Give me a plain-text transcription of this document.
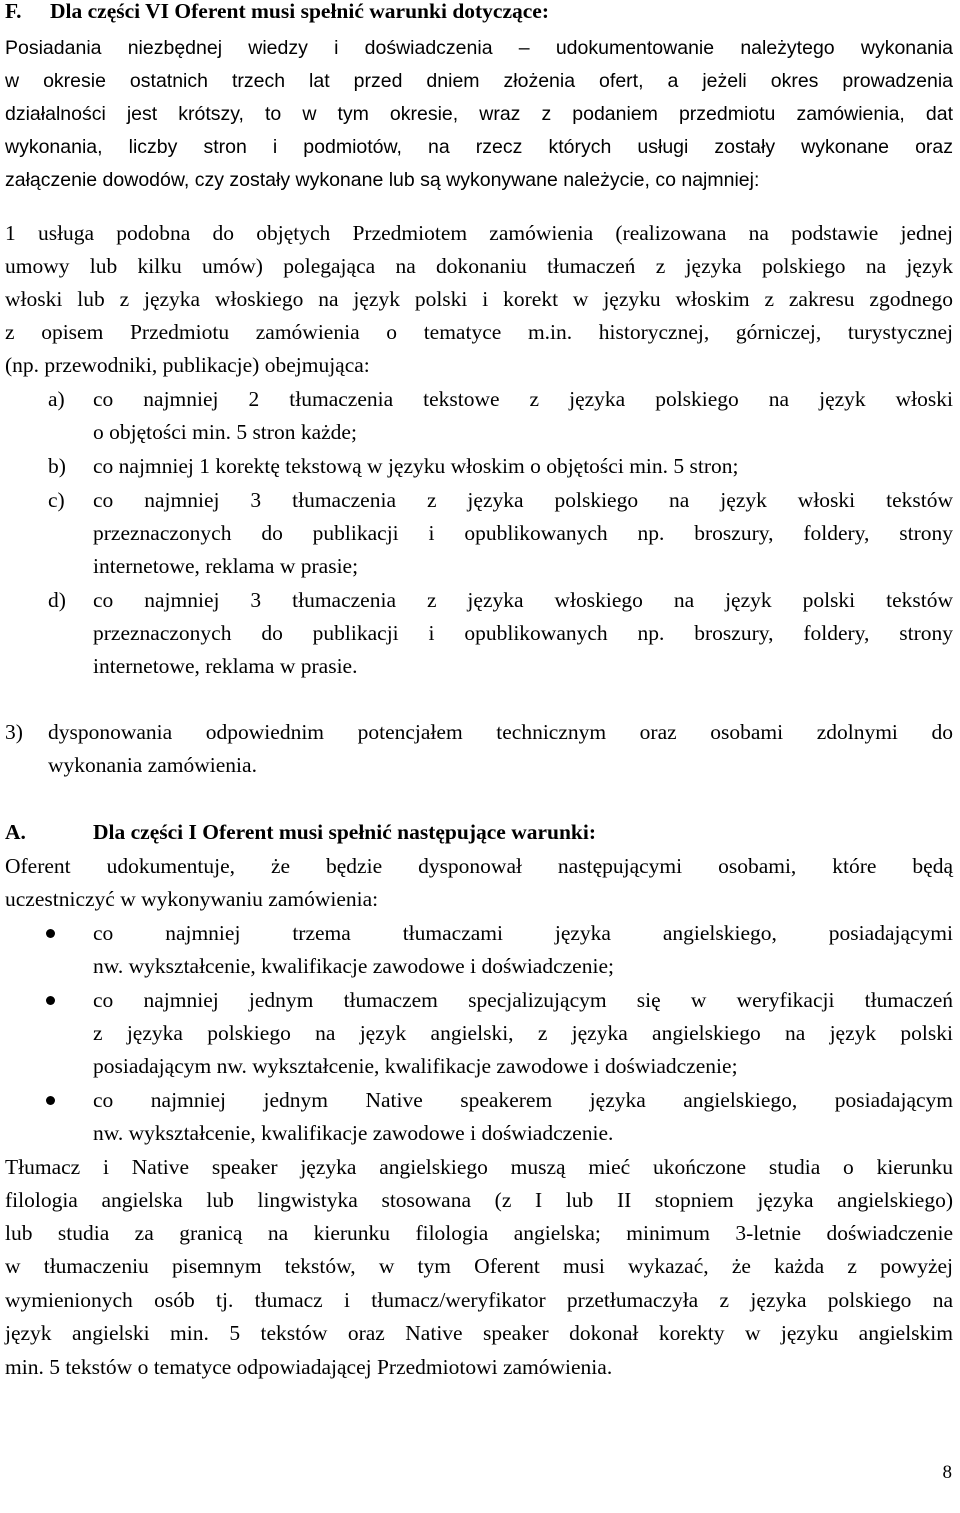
F. Dla części VI Oferent musi spełnić warunki dotyczące:
Posiadania niezbędnej wiedzy i doświadczenia – udokumentowanie należytego wykonania
w okresie ostatnich trzech lat przed dniem złożenia ofert, a jeżeli okres prowadzenia
działalności jest krótszy, to w tym okresie, wraz z podaniem przedmiotu zamówienia, dat
wykonania, liczby stron i podmiotów, na rzecz których usługi zostały wykonane oraz
załączenie dowodów, czy zostały wykonane lub są wykonywane należycie, co najmniej:
1 usługa podobna do objętych Przedmiotem zamówienia (realizowana na podstawie jednej
umowy lub kilku umów) polegająca na dokonaniu tłumaczeń z języka polskiego na język
włoski lub z języka włoskiego na język polski i korekt w języku włoskim z zakresu zgodnego
z opisem Przedmiotu zamówienia o tematyce m.in. historycznej, górniczej, turystycznej
(np. przewodniki, publikacje) obejmująca:
a) co najmniej 2 tłumaczenia tekstowe z języka polskiego na język włoski
o objętości min. 5 stron każde;
b) co najmniej 1 korektę tekstową w języku włoskim o objętości min. 5 stron;
c) co najmniej 3 tłumaczenia z języka polskiego na język włoski tekstów
przeznaczonych do publikacji i opublikowanych np. broszury, foldery, strony
internetowe, reklama w prasie;
d) co najmniej 3 tłumaczenia z języka włoskiego na język polski tekstów
przeznaczonych do publikacji i opublikowanych np. broszury, foldery, strony
internetowe, reklama w prasie.
3) dysponowania odpowiednim potencjałem technicznym oraz osobami zdolnymi do
wykonania zamówienia.
A.	Dla części I Oferent musi spełnić następujące warunki:
Oferent udokumentuje, że będzie dysponował następującymi osobami, które będą
uczestniczyć w wykonywaniu zamówienia:
co najmniej trzema tłumaczami języka angielskiego, posiadającymi
nw. wykształcenie, kwalifikacje zawodowe i doświadczenie;
co najmniej jednym tłumaczem specjalizującym się w weryfikacji tłumaczeń
z języka polskiego na język angielski, z języka angielskiego na język polski
posiadającym nw. wykształcenie, kwalifikacje zawodowe i doświadczenie;
co najmniej jednym Native speakerem języka angielskiego, posiadającym
nw. wykształcenie, kwalifikacje zawodowe i doświadczenie.
Tłumacz i Native speaker języka angielskiego muszą mieć ukończone studia o kierunku
filologia angielska lub lingwistyka stosowana (z I lub II stopniem języka angielskiego)
lub studia za granicą na kierunku filologia angielska; minimum 3-letnie doświadczenie
w tłumaczeniu pisemnym tekstów, w tym Oferent musi wykazać, że każda z powyżej
wymienionych osób tj. tłumacz i tłumacz/weryfikator przetłumaczyła z języka polskiego na
język angielski min. 5 tekstów oraz Native speaker dokonał korekty w języku angielskim
min. 5 tekstów o tematyce odpowiadającej Przedmiotowi zamówienia.
8
